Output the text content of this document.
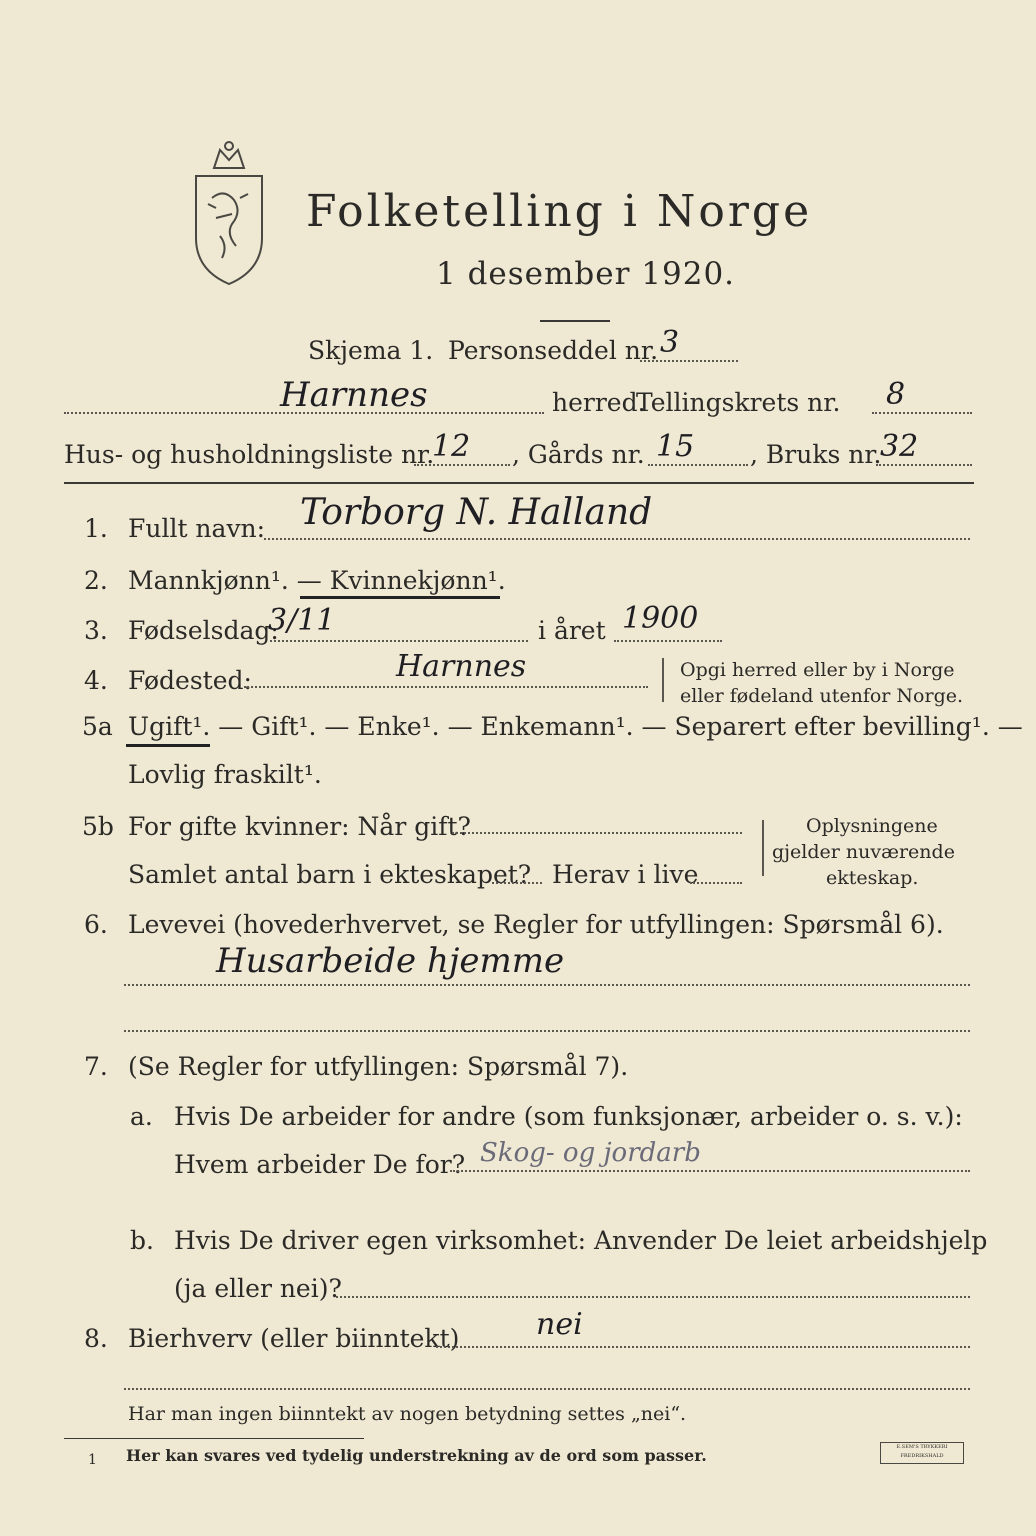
Folketelling i Norge
1 desember 1920.
Skjema 1. Personseddel nr. 3
Harnnes	herred.
Tellingskrets nr. 8
Hus- og husholdningsliste nr.
12 , Gårds nr. 15 , Bruks nr.
32
1. Fullt navn: Torborg N. Halland
2. Mannkjønn¹. — Kvinnekjønn¹.
3. Fødselsdag:
3/11	i året 1900
4. Fødested:	Harnnes	Opgi herred eller by i Norge
eller fødeland utenfor Norge.
5a Ugift¹. — Gift¹. — Enke¹. — Enkemann¹. — Separert efter bevilling¹. —
Lovlig fraskilt¹.
5b For gifte kvinner: Når gift?
Samlet antal barn i ekteskapet? Herav i live
Oplysningene
gjelder nuværende
ekteskap.
6. Levevei (hovederhvervet, se Regler for utfyllingen: Spørsmål 6).
Husarbeide hjemme
7. (Se Regler for utfyllingen: Spørsmål 7).
a. Hvis De arbeider for andre (som funksjonær, arbeider o. s. v.):
Hvem arbeider De for? Skog- og jordarb
b. Hvis De driver egen virksomhet: Anvender De leiet arbeidshjelp
(ja eller nei)?
8. Bierhverv (eller biinntekt)	nei
Har man ingen biinntekt av nogen betydning settes „nei“.
1 Her kan svares ved tydelig understrekning av de ord som passer.	E.SEM'S TRYKKERI FREDRIKSHALD
